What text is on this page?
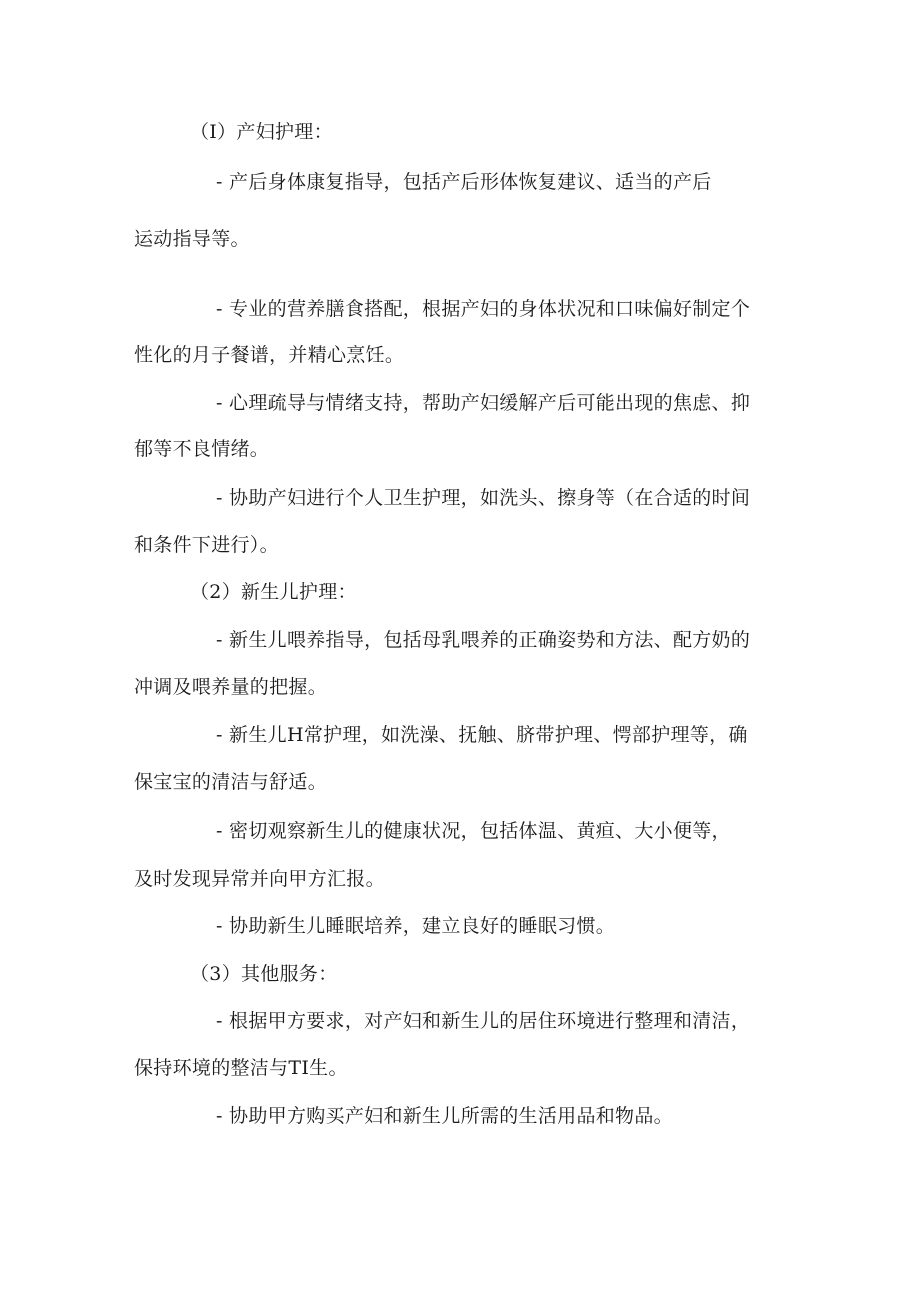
（I）产妇护理：
- 产后身体康复指导，包括产后形体恢复建议、适当的产后
运动指导等。
- 专业的营养膳食搭配，根据产妇的身体状况和口味偏好制定个
性化的月子餐谱，并精心烹饪。
- 心理疏导与情绪支持，帮助产妇缓解产后可能出现的焦虑、抑
郁等不良情绪。
- 协助产妇进行个人卫生护理，如洗头、擦身等（在合适的时间
和条件下进行）。
（2）新生儿护理：
- 新生儿喂养指导，包括母乳喂养的正确姿势和方法、配方奶的
冲调及喂养量的把握。
- 新生儿H常护理，如洗澡、抚触、脐带护理、愕部护理等，确
保宝宝的清洁与舒适。
- 密切观察新生儿的健康状况，包括体温、黄疸、大小便等，
及时发现异常并向甲方汇报。
- 协助新生儿睡眠培养，建立良好的睡眠习惯。
（3）其他服务：
- 根据甲方要求，对产妇和新生儿的居住环境进行整理和清洁，
保持环境的整洁与TI生。
- 协助甲方购买产妇和新生儿所需的生活用品和物品。
